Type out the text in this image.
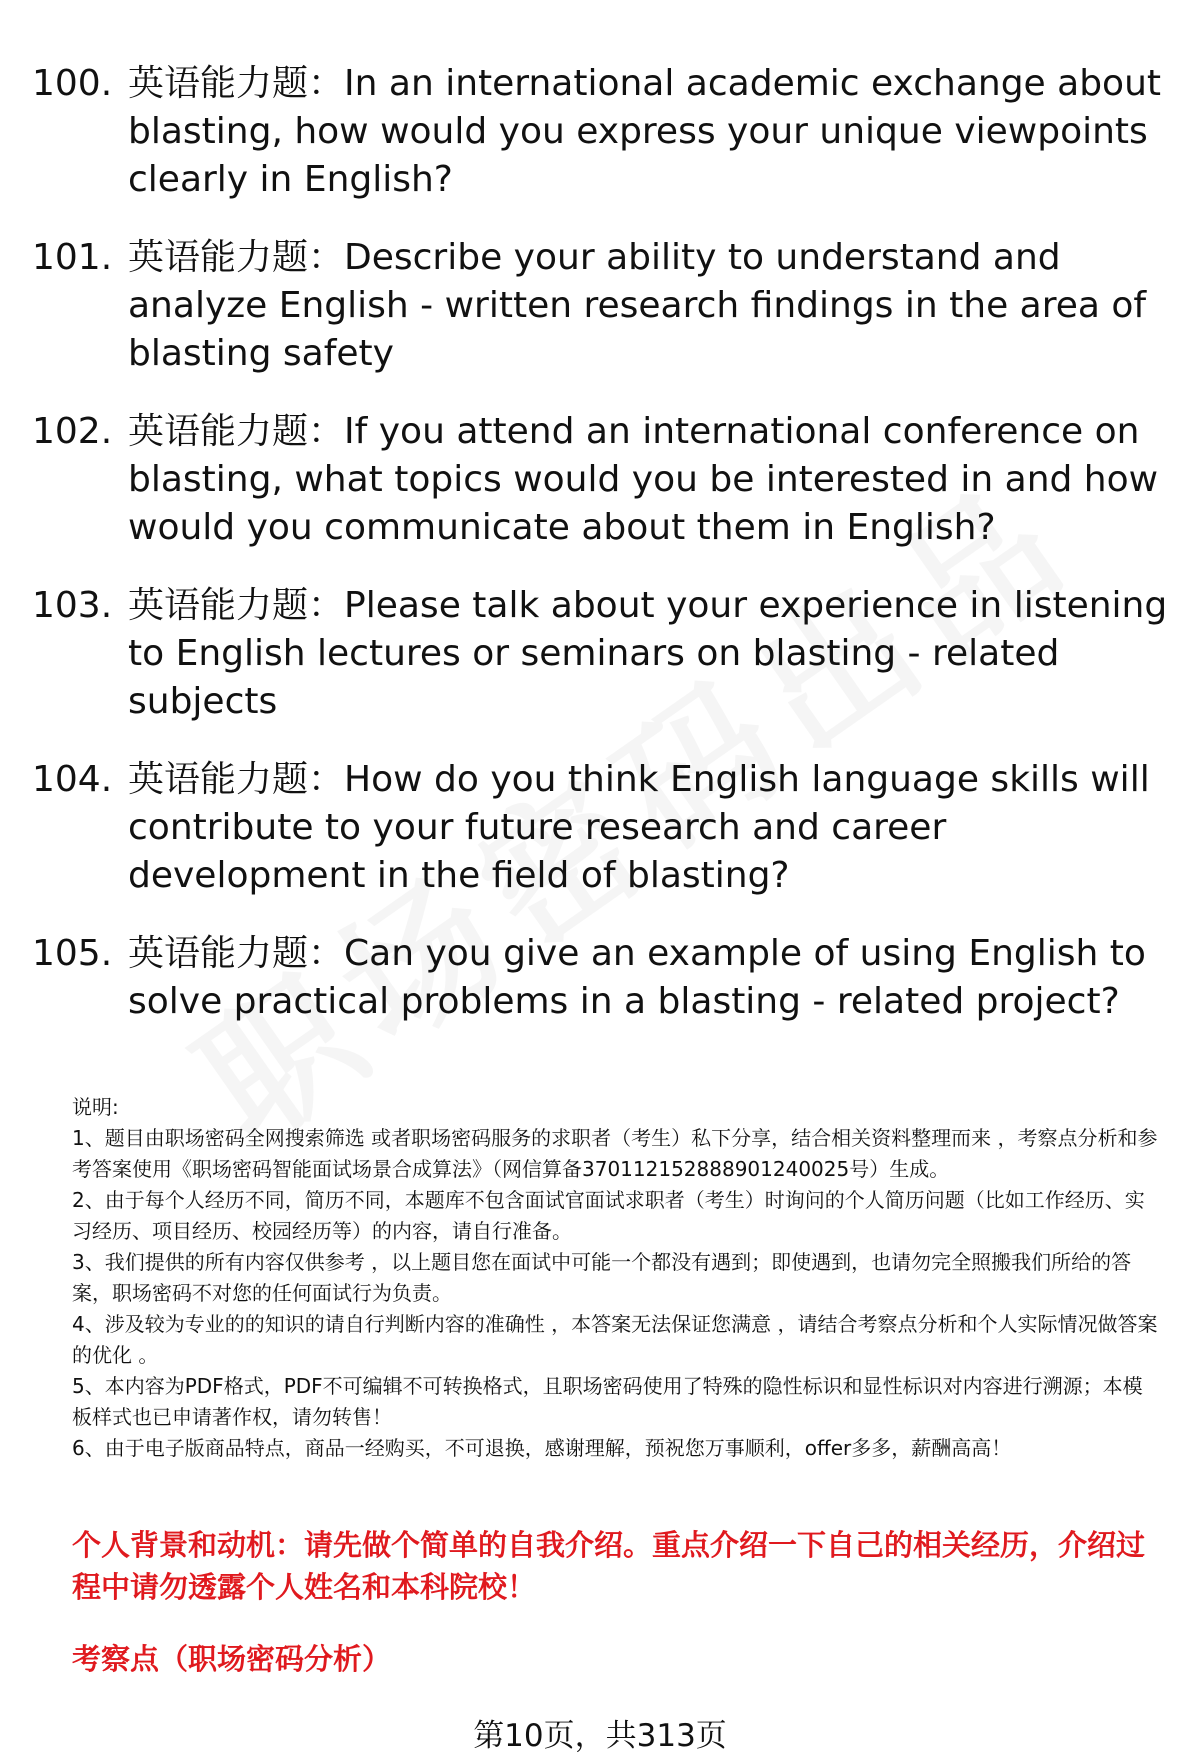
100. 英语能力题：In an international academic exchange about blasting, how would you express your unique viewpoints clearly in English?
101. 英语能力题：Describe your ability to understand and analyze English - written research findings in the area of blasting safety
102. 英语能力题：If you attend an international conference on blasting, what topics would you be interested in and how would you communicate about them in English?
103. 英语能力题：Please talk about your experience in listening to English lectures or seminars on blasting - related subjects
104. 英语能力题：How do you think English language skills will contribute to your future research and career development in the field of blasting?
105. 英语能力题：Can you give an example of using English to solve practical problems in a blasting - related project?

说明:

1、题目由职场密码全网搜索筛选 或者职场密码服务的求职者（考生）私下分享，结合相关资料整理而来 ，考察点分析和参考答案使用《职场密码智能面试场景合成算法》（网信算备370112152888901240025号）生成。

2、由于每个人经历不同，简历不同，本题库不包含面试官面试求职者（考生）时询问的个人简历问题（比如工作经历、实习经历、项目经历、校园经历等）的内容，请自行准备。

3、我们提供的所有内容仅供参考 ，以上题目您在面试中可能一个都没有遇到；即使遇到，也请勿完全照搬我们所给的答案，职场密码不对您的任何面试行为负责。

4、涉及较为专业的的知识的请自行判断内容的准确性 ，本答案无法保证您满意 ，请结合考察点分析和个人实际情况做答案的优化 。

5、本内容为PDF格式，PDF不可编辑不可转换格式，且职场密码使用了特殊的隐性标识和显性标识对内容进行溯源；本模板样式也已申请著作权，请勿转售！

6、由于电子版商品特点，商品一经购买，不可退换，感谢理解，预祝您万事顺利，offer多多，薪酬高高！

个人背景和动机：请先做个简单的自我介绍。重点介绍一下自己的相关经历，介绍过程中请勿透露个人姓名和本科院校！

考察点（职场密码分析）

第10页，共313页
